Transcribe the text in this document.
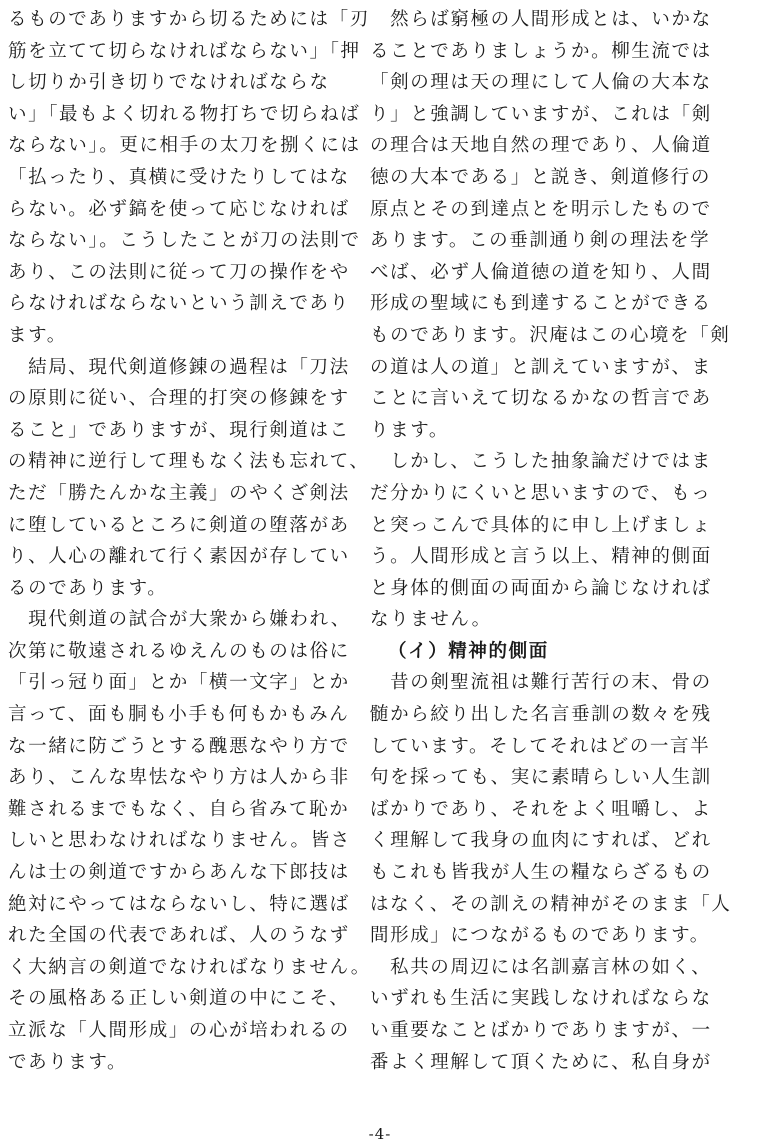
るものでありますから切るためには「刃
筋を立てて切らなければならない」「押
し切りか引き切りでなければならな
い」「最もよく切れる物打ちで切らねば
ならない」。更に相手の太刀を捌くには
「払ったり、真横に受けたりしてはな
らない。必ず鎬を使って応じなければ
ならない」。こうしたことが刀の法則で
あり、この法則に従って刀の操作をや
らなければならないという訓えであり
ます。
　結局、現代剣道修錬の過程は「刀法
の原則に従い、合理的打突の修錬をす
ること」でありますが、現行剣道はこ
の精神に逆行して理もなく法も忘れて、
ただ「勝たんかな主義」のやくざ剣法
に堕しているところに剣道の堕落があ
り、人心の離れて行く素因が存してい
るのであります。
　現代剣道の試合が大衆から嫌われ、
次第に敬遠されるゆえんのものは俗に
「引っ冠り面」とか「横一文字」とか
言って、面も胴も小手も何もかもみん
な一緒に防ごうとする醜悪なやり方で
あり、こんな卑怯なやり方は人から非
難されるまでもなく、自ら省みて恥か
しいと思わなければなりません。皆さ
んは士の剣道ですからあんな下郎技は
絶対にやってはならないし、特に選ば
れた全国の代表であれば、人のうなず
く大納言の剣道でなければなりません。
その風格ある正しい剣道の中にこそ、
立派な「人間形成」の心が培われるの
であります。
　然らば窮極の人間形成とは、いかな
ることでありましょうか。柳生流では
「剣の理は天の理にして人倫の大本な
り」と強調していますが、これは「剣
の理合は天地自然の理であり、人倫道
徳の大本である」と説き、剣道修行の
原点とその到達点とを明示したもので
あります。この垂訓通り剣の理法を学
べば、必ず人倫道徳の道を知り、人間
形成の聖域にも到達することができる
ものであります。沢庵はこの心境を「剣
の道は人の道」と訓えていますが、ま
ことに言いえて切なるかなの哲言であ
ります。
　しかし、こうした抽象論だけではま
だ分かりにくいと思いますので、もっ
と突っこんで具体的に申し上げましょ
う。人間形成と言う以上、精神的側面
と身体的側面の両面から論じなければ
なりません。
（イ）精神的側面
　昔の剣聖流祖は難行苦行の末、骨の
髄から絞り出した名言垂訓の数々を残
しています。そしてそれはどの一言半
句を採っても、実に素晴らしい人生訓
ばかりであり、それをよく咀嚼し、よ
く理解して我身の血肉にすれば、どれ
もこれも皆我が人生の糧ならざるもの
はなく、その訓えの精神がそのまま「人
間形成」につながるものであります。
　私共の周辺には名訓嘉言林の如く、
いずれも生活に実践しなければならな
い重要なことばかりでありますが、一
番よく理解して頂くために、私自身が
-4-
